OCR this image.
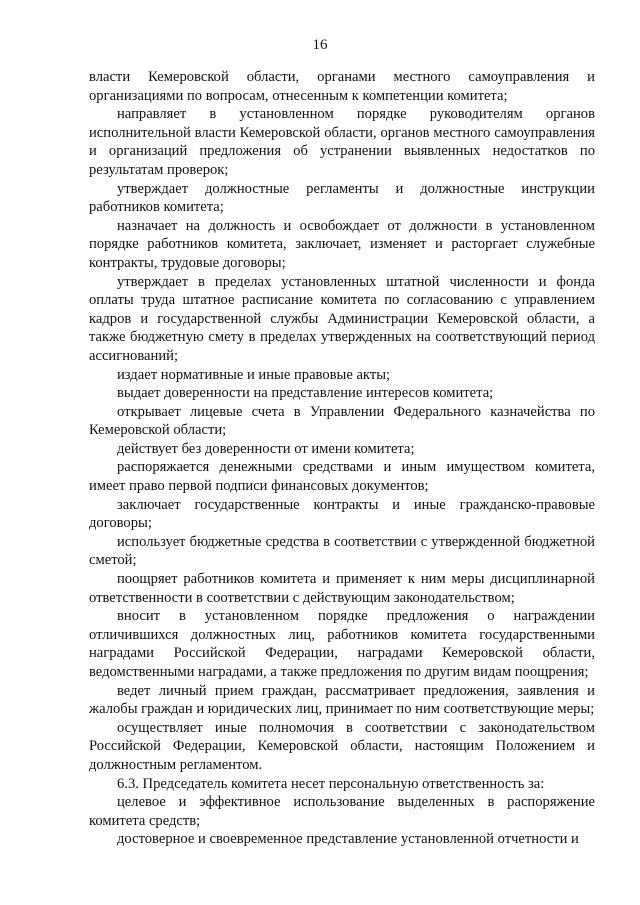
16

власти Кемеровской области, органами местного самоуправления и организациями по вопросам, отнесенным к компетенции комитета;

направляет в установленном порядке руководителям органов исполнительной власти Кемеровской области, органов местного самоуправления и организаций предложения об устранении выявленных недостатков по результатам проверок;

утверждает должностные регламенты и должностные инструкции работников комитета;

назначает на должность и освобождает от должности в установленном порядке работников комитета, заключает, изменяет и расторгает служебные контракты, трудовые договоры;

утверждает в пределах установленных штатной численности и фонда оплаты труда штатное расписание комитета по согласованию с управлением кадров и государственной службы Администрации Кемеровской области, а также бюджетную смету в пределах утвержденных на соответствующий период ассигнований;

издает нормативные и иные правовые акты;

выдает доверенности на представление интересов комитета;

открывает лицевые счета в Управлении Федерального казначейства по Кемеровской области;

действует без доверенности от имени комитета;

распоряжается денежными средствами и иным имуществом комитета, имеет право первой подписи финансовых документов;

заключает государственные контракты и иные гражданско-правовые договоры;

использует бюджетные средства в соответствии с утвержденной бюджетной сметой;

поощряет работников комитета и применяет к ним меры дисциплинарной ответственности в соответствии с действующим законодательством;

вносит в установленном порядке предложения о награждении отличившихся должностных лиц, работников комитета государственными наградами Российской Федерации, наградами Кемеровской области, ведомственными наградами, а также предложения по другим видам поощрения;

ведет личный прием граждан, рассматривает предложения, заявления и жалобы граждан и юридических лиц, принимает по ним соответствующие меры;

осуществляет иные полномочия в соответствии с законодательством Российской Федерации, Кемеровской области, настоящим Положением и должностным регламентом.

6.3. Председатель комитета несет персональную ответственность за:

целевое и эффективное использование выделенных в распоряжение комитета средств;

достоверное и своевременное представление установленной отчетности и
